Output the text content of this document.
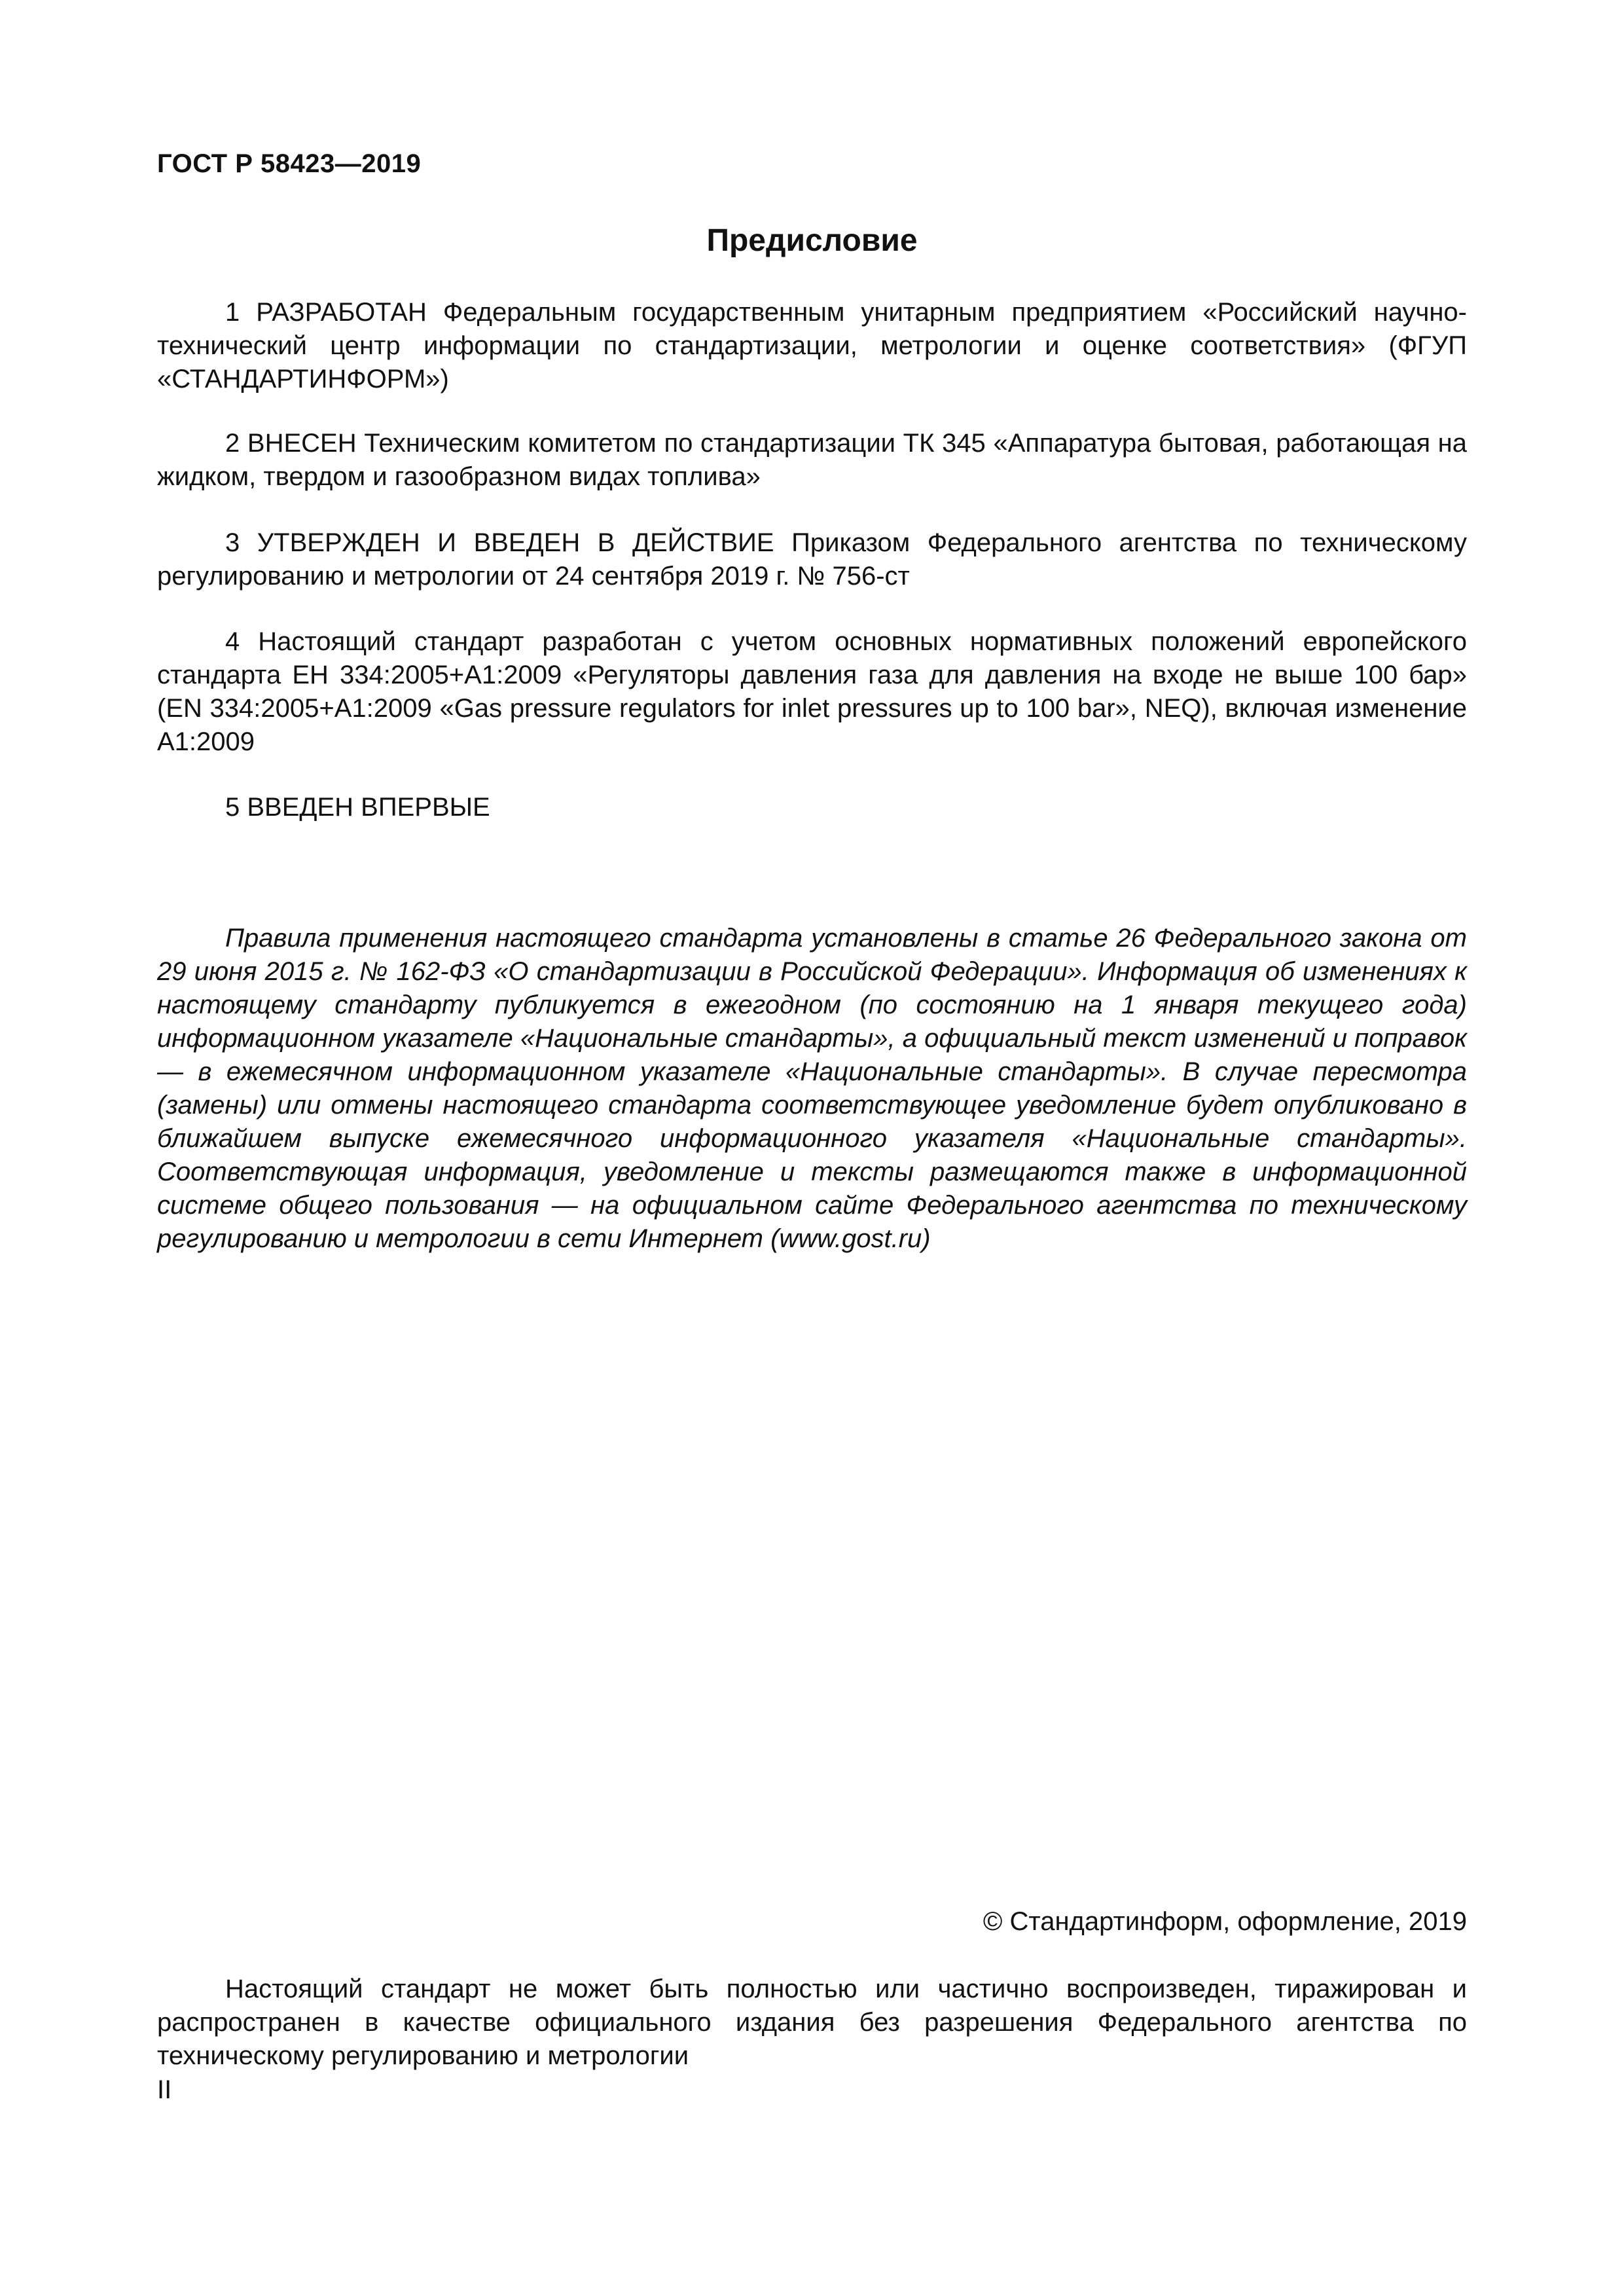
ГОСТ Р 58423—2019
Предисловие

1 РАЗРАБОТАН Федеральным государственным унитарным предприятием «Российский научно-технический центр информации по стандартизации, метрологии и оценке соответствия» (ФГУП «СТАНДАРТИНФОРМ»)

2 ВНЕСЕН Техническим комитетом по стандартизации ТК 345 «Аппаратура бытовая, работающая на жидком, твердом и газообразном видах топлива»

3 УТВЕРЖДЕН И ВВЕДЕН В ДЕЙСТВИЕ Приказом Федерального агентства по техническому регулированию и метрологии от 24 сентября 2019 г. № 756-ст

4 Настоящий стандарт разработан с учетом основных нормативных положений европейского стандарта ЕН 334:2005+А1:2009 «Регуляторы давления газа для давления на входе не выше 100 бар» (EN 334:2005+A1:2009 «Gas pressure regulators for inlet pressures up to 100 bar», NEQ), включая изменение А1:2009

5 ВВЕДЕН ВПЕРВЫЕ

Правила применения настоящего стандарта установлены в статье 26 Федерального закона от 29 июня 2015 г. № 162-ФЗ «О стандартизации в Российской Федерации». Информация об изменениях к настоящему стандарту публикуется в ежегодном (по состоянию на 1 января текущего года) информационном указателе «Национальные стандарты», а официальный текст изменений и поправок — в ежемесячном информационном указателе «Национальные стандарты». В случае пересмотра (замены) или отмены настоящего стандарта соответствующее уведомление будет опубликовано в ближайшем выпуске ежемесячного информационного указателя «Национальные стандарты». Соответствующая информация, уведомление и тексты размещаются также в информационной системе общего пользования — на официальном сайте Федерального агентства по техническому регулированию и метрологии в сети Интернет (www.gost.ru)

© Стандартинформ, оформление, 2019

Настоящий стандарт не может быть полностью или частично воспроизведен, тиражирован и распространен в качестве официального издания без разрешения Федерального агентства по техническому регулированию и метрологии

II
